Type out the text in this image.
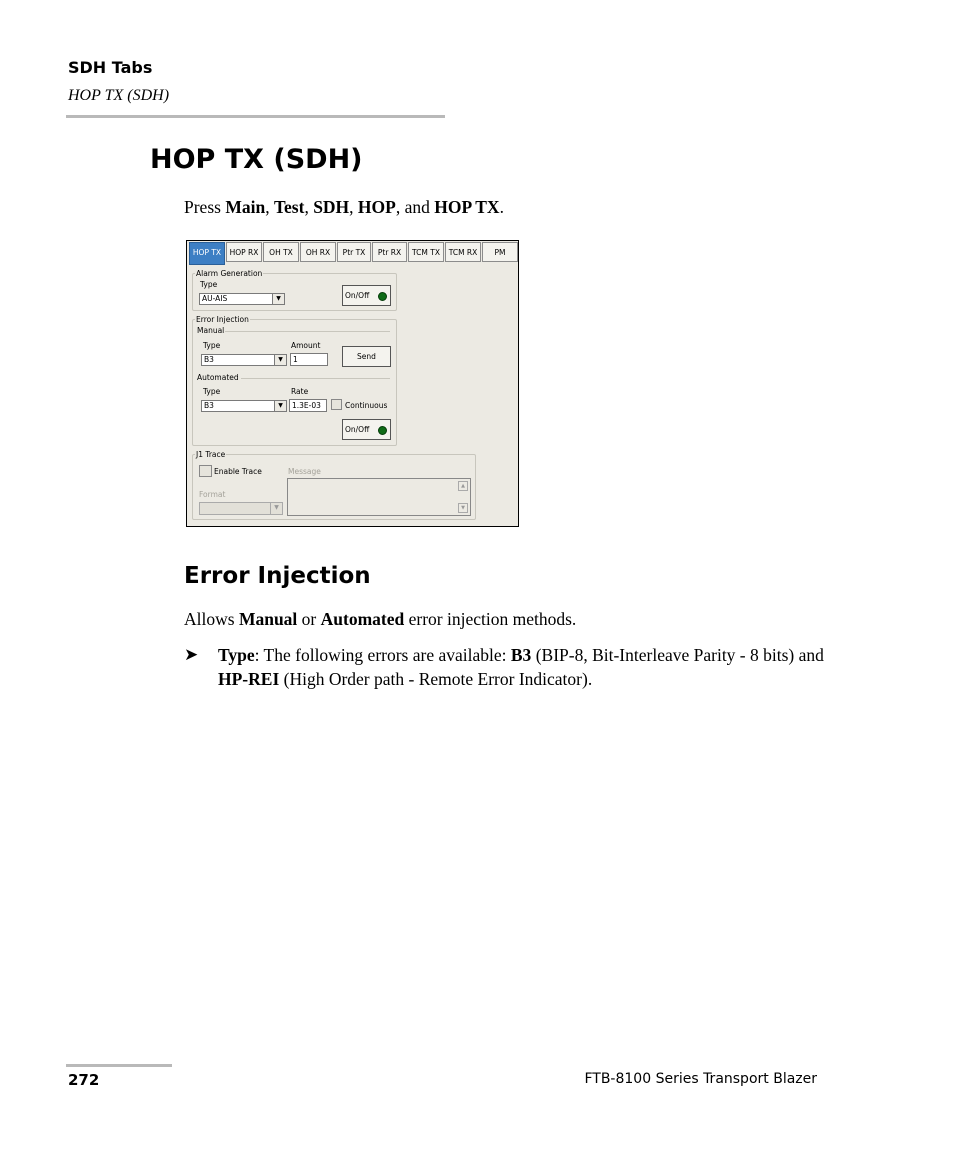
SDH Tabs
HOP TX (SDH)
HOP TX (SDH)
Press Main, Test, SDH, HOP, and HOP TX.
HOP TX	HOP RX	OH TX	OH RX	Ptr TX	Ptr RX	TCM TX	TCM RX	PM
Alarm Generation
Type
AU-AIS	▼	On/Off
Error Injection
Manual
Type
B3	▼
Amount
1	Send
Automated
Type
B3	▼
Rate
1.3E-03	Continuous
On/Off
J1 Trace
Enable Trace	Message
▲
▼
Format
▼
Error Injection
Allows Manual or Automated error injection methods.
➤ Type: The following errors are available: B3 (BIP-8, Bit-Interleave Parity - 8 bits) and HP-REI (High Order path - Remote Error Indicator).
272	FTB-8100 Series Transport Blazer
